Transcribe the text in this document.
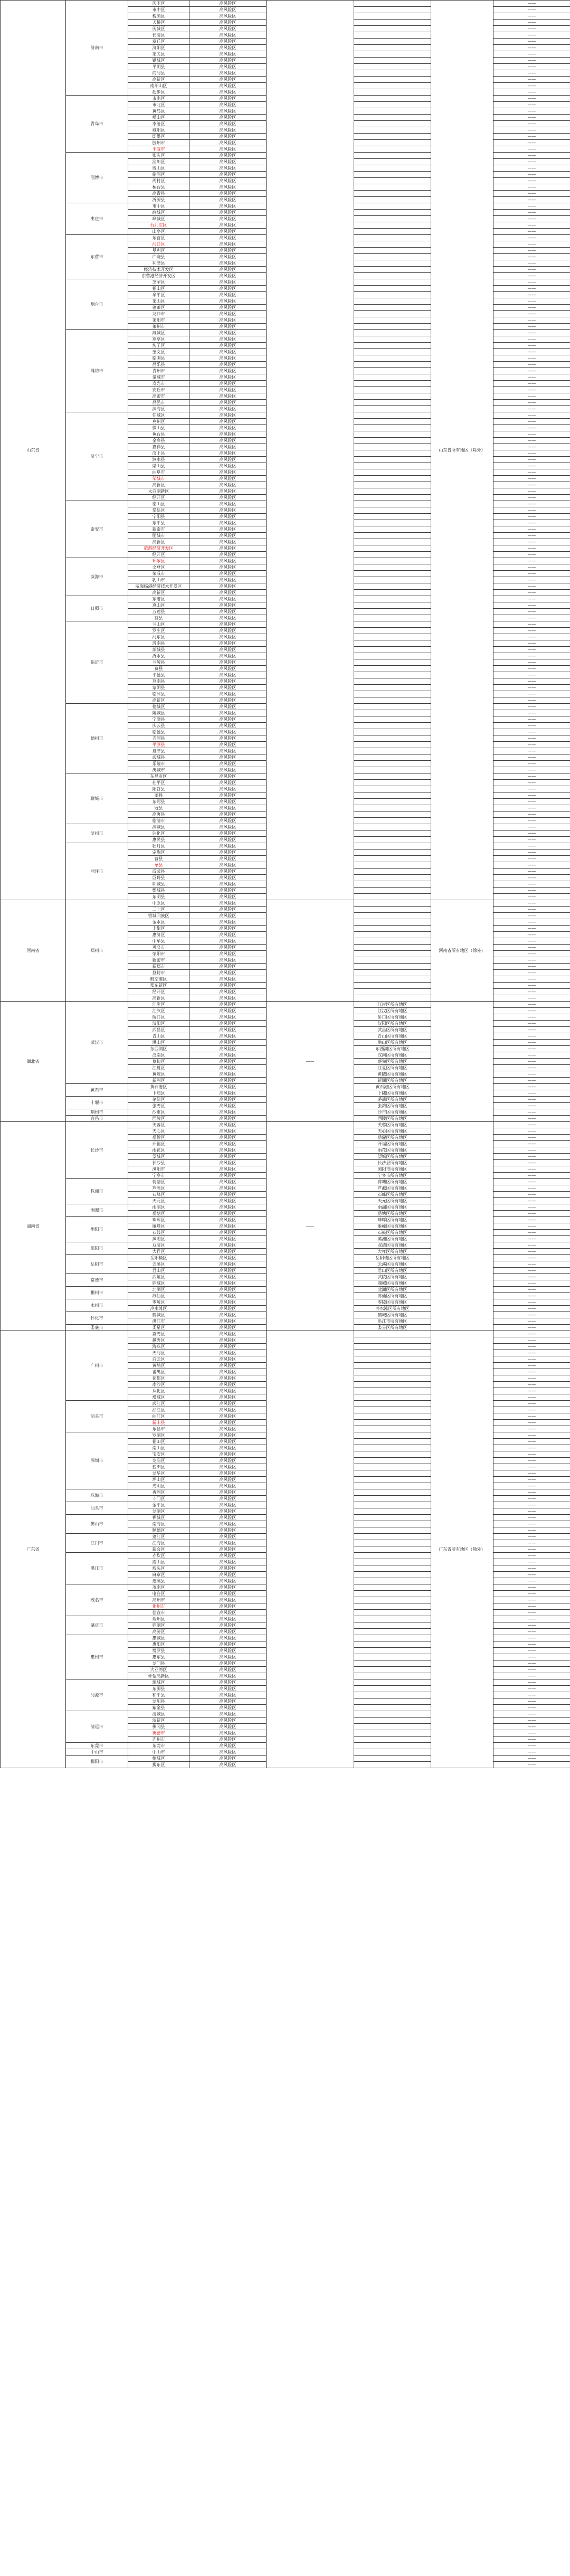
山东省	济南市	历下区	高风险区			山东省所有地区（除外）	——
		市中区	高风险区				——
		槐荫区	高风险区				——
		天桥区	高风险区				——
		历城区	高风险区				——
		长清区	高风险区				——
		章丘区	高风险区				——
		济阳区	高风险区				——
		莱芜区	高风险区				——
		钢城区	高风险区				——
		平阴县	高风险区				——
		商河县	高风险区				——
		高新区	高风险区				——
		南部山区	高风险区				——
		起步区	高风险区				——
	青岛市	市南区	高风险区				——
		市北区	高风险区				——
		黄岛区	高风险区				——
		崂山区	高风险区				——
		李沧区	高风险区				——
		城阳区	高风险区				——
		即墨区	高风险区				——
		胶州市	高风险区				——
		平度市	高风险区				——
	淄博市	张店区	高风险区				——
		淄川区	高风险区				——
		博山区	高风险区				——
		临淄区	高风险区				——
		周村区	高风险区				——
		桓台县	高风险区				——
		高青县	高风险区				——
		沂源县	高风险区				——
	枣庄市	市中区	高风险区				——
		薛城区	高风险区				——
		峄城区	高风险区				——
		台儿庄区	高风险区				——
		山亭区	高风险区				——
	东营市	东营区	高风险区				——
		河口区	高风险区				——
		垦利区	高风险区				——
		广饶县	高风险区				——
		利津县	高风险区				——
		经济技术开发区	高风险区				——
		东营港经济开发区	高风险区				——
	烟台市	芝罘区	高风险区				——
		福山区	高风险区				——
		牟平区	高风险区				——
		莱山区	高风险区				——
		蓬莱区	高风险区				——
		龙口市	高风险区				——
		莱阳市	高风险区				——
		莱州市	高风险区				——
	潍坊市	潍城区	高风险区				——
		寒亭区	高风险区				——
		坊子区	高风险区				——
		奎文区	高风险区				——
		临朐县	高风险区				——
		昌乐县	高风险区				——
		青州市	高风险区				——
		诸城市	高风险区				——
		寿光市	高风险区				——
		安丘市	高风险区				——
		高密市	高风险区				——
		昌邑市	高风险区				——
		滨海区	高风险区				——
	济宁市	任城区	高风险区				——
		兖州区	高风险区				——
		微山县	高风险区				——
		鱼台县	高风险区				——
		金乡县	高风险区				——
		嘉祥县	高风险区				——
		汶上县	高风险区				——
		泗水县	高风险区				——
		梁山县	高风险区				——
		曲阜市	高风险区				——
		邹城市	高风险区				——
		高新区	高风险区				——
		太白湖新区	高风险区				——
		经开区	高风险区				——
	泰安市	泰山区	高风险区				——
		岱岳区	高风险区				——
		宁阳县	高风险区				——
		东平县	高风险区				——
		新泰市	高风险区				——
		肥城市	高风险区				——
		高新区	高风险区				——
		旅游经济开发区	高风险区				——
		经开区	高风险区				——
	威海市	环翠区	高风险区				——
		文登区	高风险区				——
		荣成市	高风险区				——
		乳山市	高风险区				——
		威海临港经济技术开发区	高风险区				——
		高新区	高风险区				——
	日照市	东港区	高风险区				——
		岚山区	高风险区				——
		五莲县	高风险区				——
		莒县	高风险区				——
	临沂市	兰山区	高风险区				——
		罗庄区	高风险区				——
		河东区	高风险区				——
		沂南县	高风险区				——
		郯城县	高风险区				——
		沂水县	高风险区				——
		兰陵县	高风险区				——
		费县	高风险区				——
		平邑县	高风险区				——
		莒南县	高风险区				——
		蒙阴县	高风险区				——
		临沭县	高风险区				——
		高新区	高风险区				——
	德州市	德城区	高风险区				——
		陵城区	高风险区				——
		宁津县	高风险区				——
		庆云县	高风险区				——
		临邑县	高风险区				——
		齐河县	高风险区				——
		平原县	高风险区				——
		夏津县	高风险区				——
		武城县	高风险区				——
		乐陵市	高风险区				——
		禹城市	高风险区				——
	聊城市	东昌府区	高风险区				——
		茌平区	高风险区				——
		阳谷县	高风险区				——
		莘县	高风险区				——
		东阿县	高风险区				——
		冠县	高风险区				——
		高唐县	高风险区				——
		临清市	高风险区				——
	滨州市	滨城区	高风险区				——
		沾化区	高风险区				——
		惠民县	高风险区				——
	菏泽市	牡丹区	高风险区				——
		定陶区	高风险区				——
		曹县	高风险区				——
		单县	高风险区				——
		成武县	高风险区				——
		巨野县	高风险区				——
		郓城县	高风险区				——
		鄄城县	高风险区				——
		东明县	高风险区				——
河南省	郑州市	中原区	高风险区			河南省所有地区（除外）	——
		二七区	高风险区				——
		管城回族区	高风险区				——
		金水区	高风险区				——
		上街区	高风险区				——
		惠济区	高风险区				——
		中牟县	高风险区				——
		巩义市	高风险区				——
		荥阳市	高风险区				——
		新密市	高风险区				——
		新郑市	高风险区				——
		登封市	高风险区				——
		航空港区	高风险区				——
		郑东新区	高风险区				——
		经开区	高风险区				——
		高新区	高风险区				——
湖北省	武汉市	江岸区	高风险区	——	江岸区所有地区		——
		江汉区	高风险区		江汉区所有地区		——
		硚口区	高风险区		硚口区所有地区		——
		汉阳区	高风险区		汉阳区所有地区		——
		武昌区	高风险区		武昌区所有地区		——
		青山区	高风险区		青山区所有地区		——
		洪山区	高风险区		洪山区所有地区		——
		东西湖区	高风险区		东西湖区所有地区		——
		汉南区	高风险区		汉南区所有地区		——
		蔡甸区	高风险区		蔡甸区所有地区		——
		江夏区	高风险区		江夏区所有地区		——
		黄陂区	高风险区		黄陂区所有地区		——
		新洲区	高风险区		新洲区所有地区		——
	黄石市	黄石港区	高风险区		黄石港区所有地区		——
		下陆区	高风险区		下陆区所有地区		——
	十堰市	茅箭区	高风险区		茅箭区所有地区		——
		张湾区	高风险区		张湾区所有地区		——
	荆州市	沙市区	高风险区		沙市区所有地区		——
	宜昌市	西陵区	高风险区		西陵区所有地区		——
湖南省	长沙市	芙蓉区	高风险区	——	芙蓉区所有地区		——
		天心区	高风险区		天心区所有地区		——
		岳麓区	高风险区		岳麓区所有地区		——
		开福区	高风险区		开福区所有地区		——
		雨花区	高风险区		雨花区所有地区		——
		望城区	高风险区		望城区所有地区		——
		长沙县	高风险区		长沙县所有地区		——
		浏阳市	高风险区		浏阳市所有地区		——
		宁乡市	高风险区		宁乡市所有地区		——
	株洲市	荷塘区	高风险区		荷塘区所有地区		——
		芦淞区	高风险区		芦淞区所有地区		——
		石峰区	高风险区		石峰区所有地区		——
		天元区	高风险区		天元区所有地区		——
	湘潭市	雨湖区	高风险区		雨湖区所有地区		——
		岳塘区	高风险区		岳塘区所有地区		——
	衡阳市	珠晖区	高风险区		珠晖区所有地区		——
		雁峰区	高风险区		雁峰区所有地区		——
		石鼓区	高风险区		石鼓区所有地区		——
		蒸湘区	高风险区		蒸湘区所有地区		——
	邵阳市	双清区	高风险区		双清区所有地区		——
		大祥区	高风险区		大祥区所有地区		——
	岳阳市	岳阳楼区	高风险区		岳阳楼区所有地区		——
		云溪区	高风险区		云溪区所有地区		——
		君山区	高风险区		君山区所有地区		——
	常德市	武陵区	高风险区		武陵区所有地区		——
		鼎城区	高风险区		鼎城区所有地区		——
	郴州市	北湖区	高风险区		北湖区所有地区		——
		苏仙区	高风险区		苏仙区所有地区		——
	永州市	零陵区	高风险区		零陵区所有地区		——
		冷水滩区	高风险区		冷水滩区所有地区		——
	怀化市	鹤城区	高风险区		鹤城区所有地区		——
		洪江市	高风险区		洪江市所有地区		——
	娄底市	娄星区	高风险区		娄星区所有地区		——
广东省	广州市	荔湾区	高风险区			广东省所有地区（除外）	——
		越秀区	高风险区				——
		海珠区	高风险区				——
		天河区	高风险区				——
		白云区	高风险区				——
		黄埔区	高风险区				——
		番禺区	高风险区				——
		花都区	高风险区				——
		南沙区	高风险区				——
		从化区	高风险区				——
		增城区	高风险区				——
	韶关市	武江区	高风险区				——
		浈江区	高风险区				——
		曲江区	高风险区				——
		新丰县	高风险区				——
		乐昌市	高风险区				——
	深圳市	罗湖区	高风险区				——
		福田区	高风险区				——
		南山区	高风险区				——
		宝安区	高风险区				——
		龙岗区	高风险区				——
		盐田区	高风险区				——
		龙华区	高风险区				——
		坪山区	高风险区				——
		光明区	高风险区				——
	珠海市	香洲区	高风险区				——
		斗门区	高风险区				——
	汕头市	金平区	高风险区				——
		龙湖区	高风险区				——
	佛山市	禅城区	高风险区				——
		南海区	高风险区				——
		顺德区	高风险区				——
	江门市	蓬江区	高风险区				——
		江海区	高风险区				——
		新会区	高风险区				——
	湛江市	赤坎区	高风险区				——
		霞山区	高风险区				——
		坡头区	高风险区				——
		麻章区	高风险区				——
		遂溪县	高风险区				——
	茂名市	茂南区	高风险区				——
		电白区	高风险区				——
		高州市	高风险区				——
		化州市	高风险区				——
		信宜市	高风险区				——
	肇庆市	端州区	高风险区				——
		鼎湖区	高风险区				——
		高要区	高风险区				——
	惠州市	惠城区	高风险区				——
		惠阳区	高风险区				——
		博罗县	高风险区				——
		惠东县	高风险区				——
		龙门县	高风险区				——
		大亚湾区	高风险区				——
		仲恺高新区	高风险区				——
	河源市	源城区	高风险区				——
		东源县	高风险区				——
		和平县	高风险区				——
		龙川县	高风险区				——
		紫金县	高风险区				——
	清远市	清城区	高风险区				——
		清新区	高风险区				——
		佛冈县	高风险区				——
		英德市	高风险区				——
		连州市	高风险区				——
	东莞市	东莞市	高风险区				——
	中山市	中山市	高风险区				——
	揭阳市	榕城区	高风险区				——
		揭东区	高风险区				——
